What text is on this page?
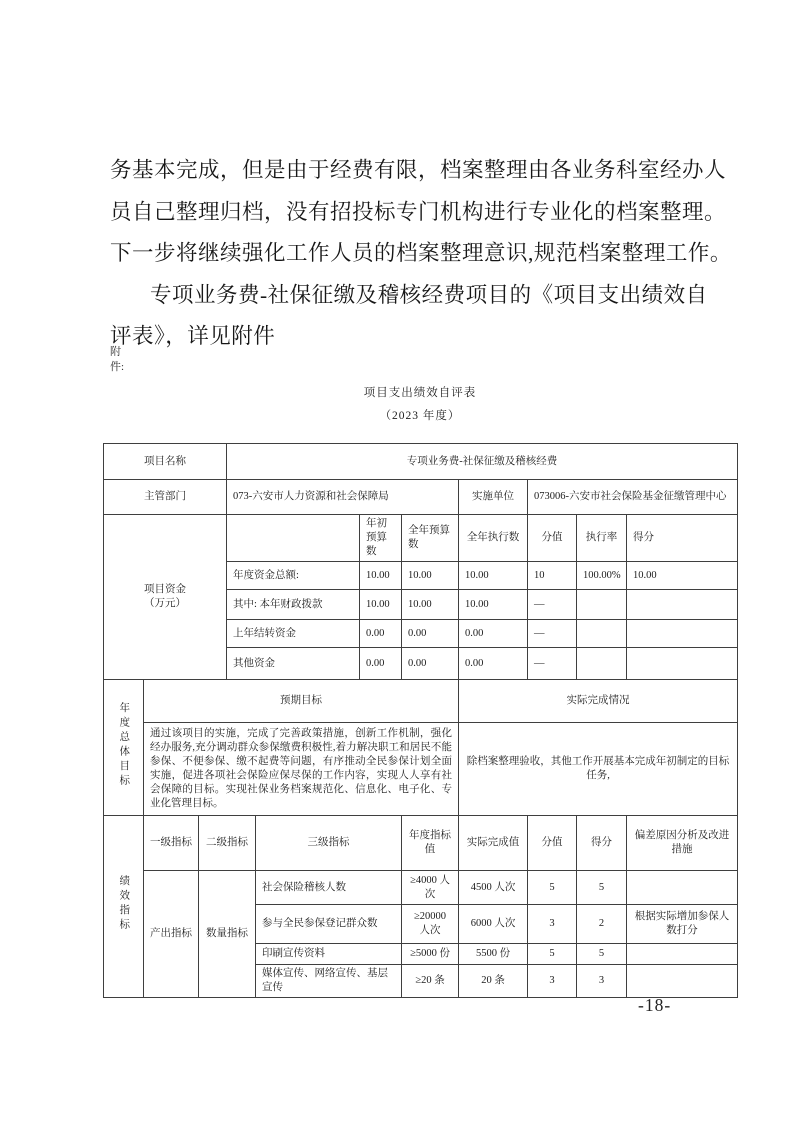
务基本完成，但是由于经费有限，档案整理由各业务科室经办人
员自己整理归档，没有招投标专门机构进行专业化的档案整理。
下一步将继续强化工作人员的档案整理意识,规范档案整理工作。
专项业务费-社保征缴及稽核经费项目的《项目支出绩效自
评表》，详见附件
附
件:
项目支出绩效自评表
（2023 年度）
项目名称			专项业务费-社保征缴及稽核经费							
主管部门			073-六安市人力资源和社会保障局				实施单位	073006-六安市社会保险基金征缴管理中心		

项目资金
（万元）					年初预算数	全年预算数	全年执行数	分值	执行率	得分
			年度资金总额:		10.00	10.00	10.00	10	100.00%	10.00
			其中: 本年财政拨款		10.00	10.00	10.00	—		
			上年结转资金		0.00	0.00	0.00	—		
			其他资金		0.00	0.00	0.00	—		
年度总体目标	预期目标						实际完成情况			
	通过该项目的实施，完成了完善政策措施，创新工作机制，强化经办服务,充分调动群众参保缴费积极性,着力解决职工和居民不能参保、不便参保、缴不起费等问题，有序推动全民参保计划全面实施，促进各项社会保险应保尽保的工作内容，实现人人享有社会保障的目标。实现社保业务档案规范化、信息化、电子化、专业化管理目标。						除档案整理验收，其他工作开展基本完成年初制定的目标任务,			
绩效指标	一级指标	二级指标		三级指标		年度指标值	实际完成值	分值	得分	偏差原因分析及改进措施
	产出指标	数量指标		社会保险稽核人数		≥4000 人次	4500 人次	5	5	
				参与全民参保登记群众数		≥20000 人次	6000 人次	3	2	根据实际增加参保人数打分
				印刷宣传资料		≥5000 份	5500 份	5	5	
				媒体宣传、网络宣传、基层宣传		≥20 条	20 条	3	3	
-18-
